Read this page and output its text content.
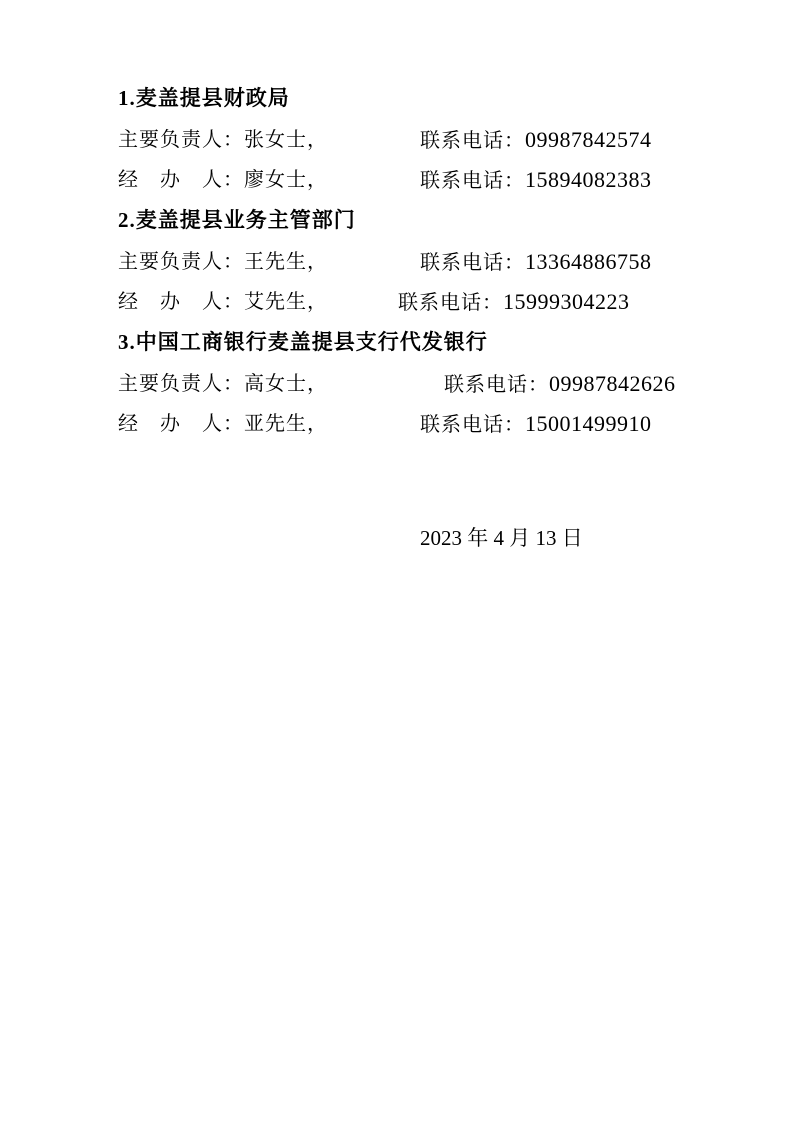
1.麦盖提县财政局
主要负责人：张女士，	联系电话：09987842574
经　办　人：廖女士，	联系电话：15894082383
2.麦盖提县业务主管部门
主要负责人：王先生，	联系电话：13364886758
经　办　人：艾先生，	联系电话：15999304223
3.中国工商银行麦盖提县支行代发银行
主要负责人：高女士，	联系电话：09987842626
经　办　人：亚先生，	联系电话：15001499910
2023 年 4 月 13 日
